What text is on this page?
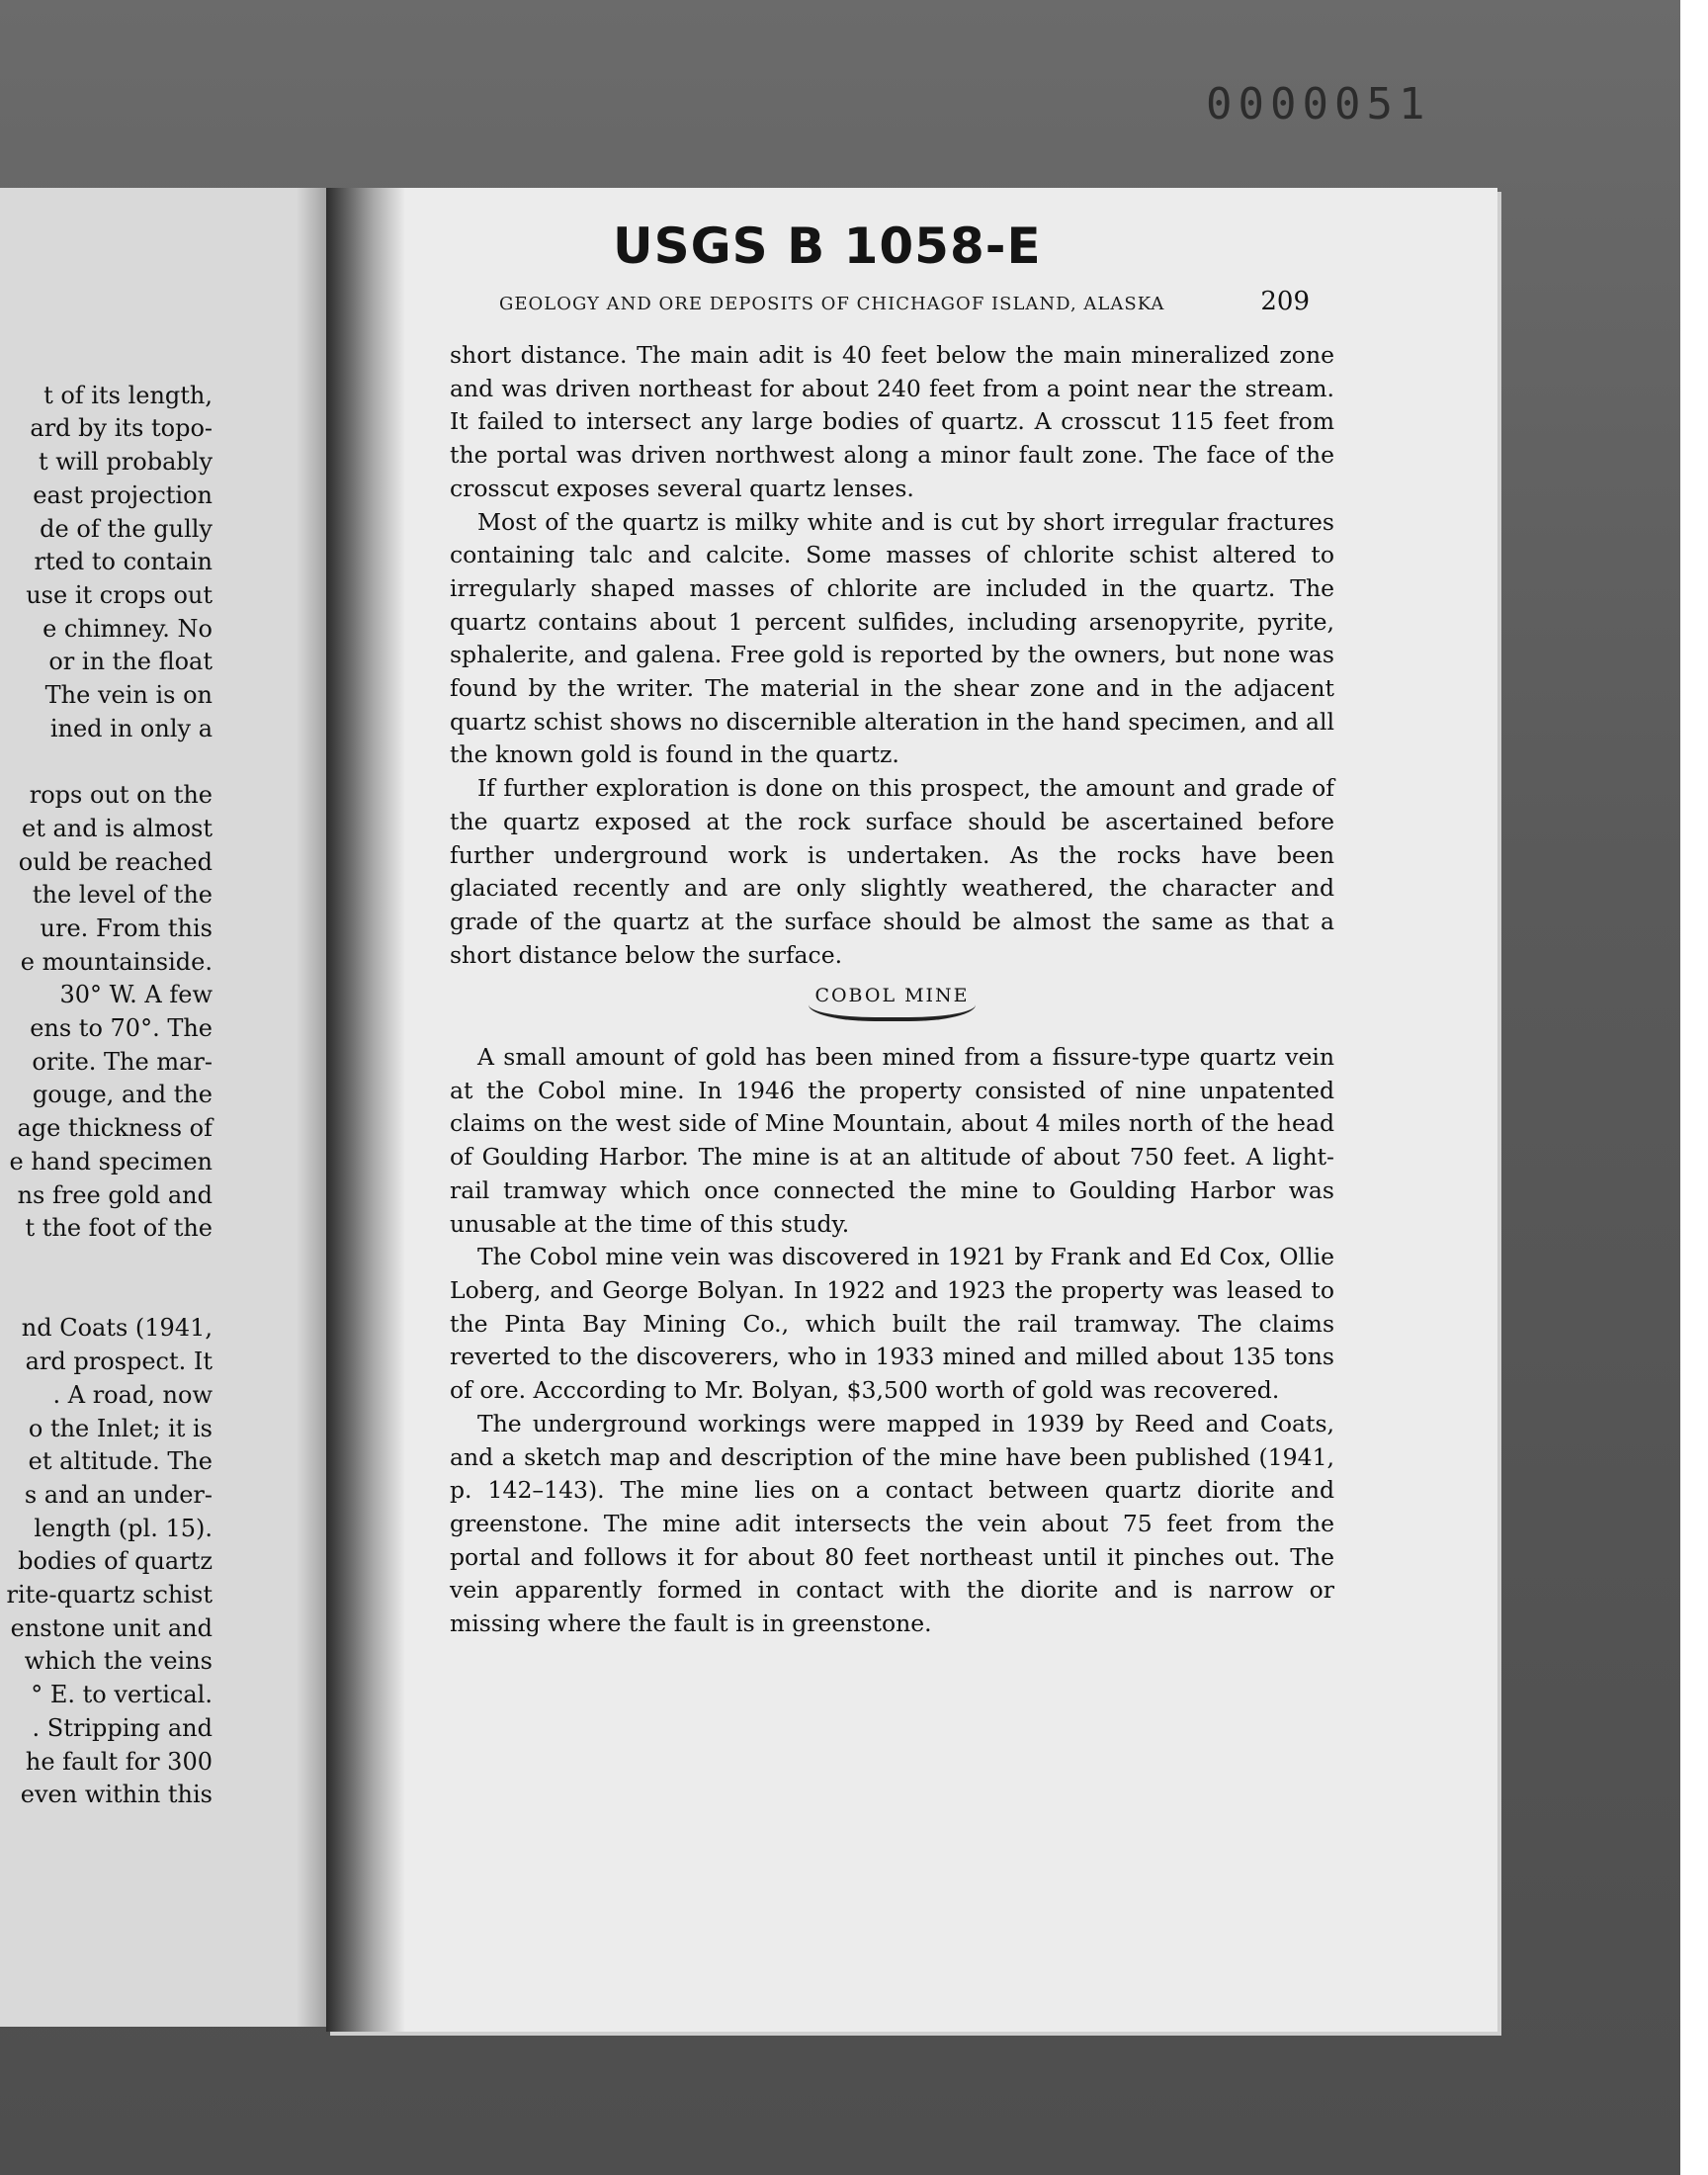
0000051

t of its length,
ard by its topo-
t will probably
east projection
de of the gully
rted to contain
use it crops out
e chimney. No
or in the float
The vein is on
ined in only a

rops out on the
et and is almost
ould be reached
the level of the
ure. From this
e mountainside.
30° W. A few
ens to 70°. The
orite. The mar-
gouge, and the
age thickness of
e hand specimen
ns free gold and
t the foot of the

nd Coats (1941,
ard prospect. It
. A road, now
o the Inlet; it is
et altitude. The
s and an under-
length (pl. 15).
bodies of quartz
rite-quartz schist
enstone unit and
which the veins
° E. to vertical.
. Stripping and
he fault for 300
even within this
USGS B 1058-E
GEOLOGY AND ORE DEPOSITS OF CHICHAGOF ISLAND, ALASKA	209

short distance. The main adit is 40 feet below the main mineralized zone and was driven northeast for about 240 feet from a point near the stream. It failed to intersect any large bodies of quartz. A crosscut 115 feet from the portal was driven northwest along a minor fault zone. The face of the crosscut exposes several quartz lenses.

Most of the quartz is milky white and is cut by short irregular fractures containing talc and calcite. Some masses of chlorite schist altered to irregularly shaped masses of chlorite are included in the quartz. The quartz contains about 1 percent sulfides, including arsenopyrite, pyrite, sphalerite, and galena. Free gold is reported by the owners, but none was found by the writer. The material in the shear zone and in the adjacent quartz schist shows no discernible alteration in the hand specimen, and all the known gold is found in the quartz.

If further exploration is done on this prospect, the amount and grade of the quartz exposed at the rock surface should be ascertained before further underground work is undertaken. As the rocks have been glaciated recently and are only slightly weathered, the character and grade of the quartz at the surface should be almost the same as that a short distance below the surface.

COBOL MINE

A small amount of gold has been mined from a fissure-type quartz vein at the Cobol mine. In 1946 the property consisted of nine unpatented claims on the west side of Mine Mountain, about 4 miles north of the head of Goulding Harbor. The mine is at an altitude of about 750 feet. A light-rail tramway which once connected the mine to Goulding Harbor was unusable at the time of this study.

The Cobol mine vein was discovered in 1921 by Frank and Ed Cox, Ollie Loberg, and George Bolyan. In 1922 and 1923 the property was leased to the Pinta Bay Mining Co., which built the rail tramway. The claims reverted to the discoverers, who in 1933 mined and milled about 135 tons of ore. Acccording to Mr. Bolyan, $3,500 worth of gold was recovered.

The underground workings were mapped in 1939 by Reed and Coats, and a sketch map and description of the mine have been published (1941, p. 142–143). The mine lies on a contact between quartz diorite and greenstone. The mine adit intersects the vein about 75 feet from the portal and follows it for about 80 feet northeast until it pinches out. The vein apparently formed in contact with the diorite and is narrow or missing where the fault is in greenstone.
